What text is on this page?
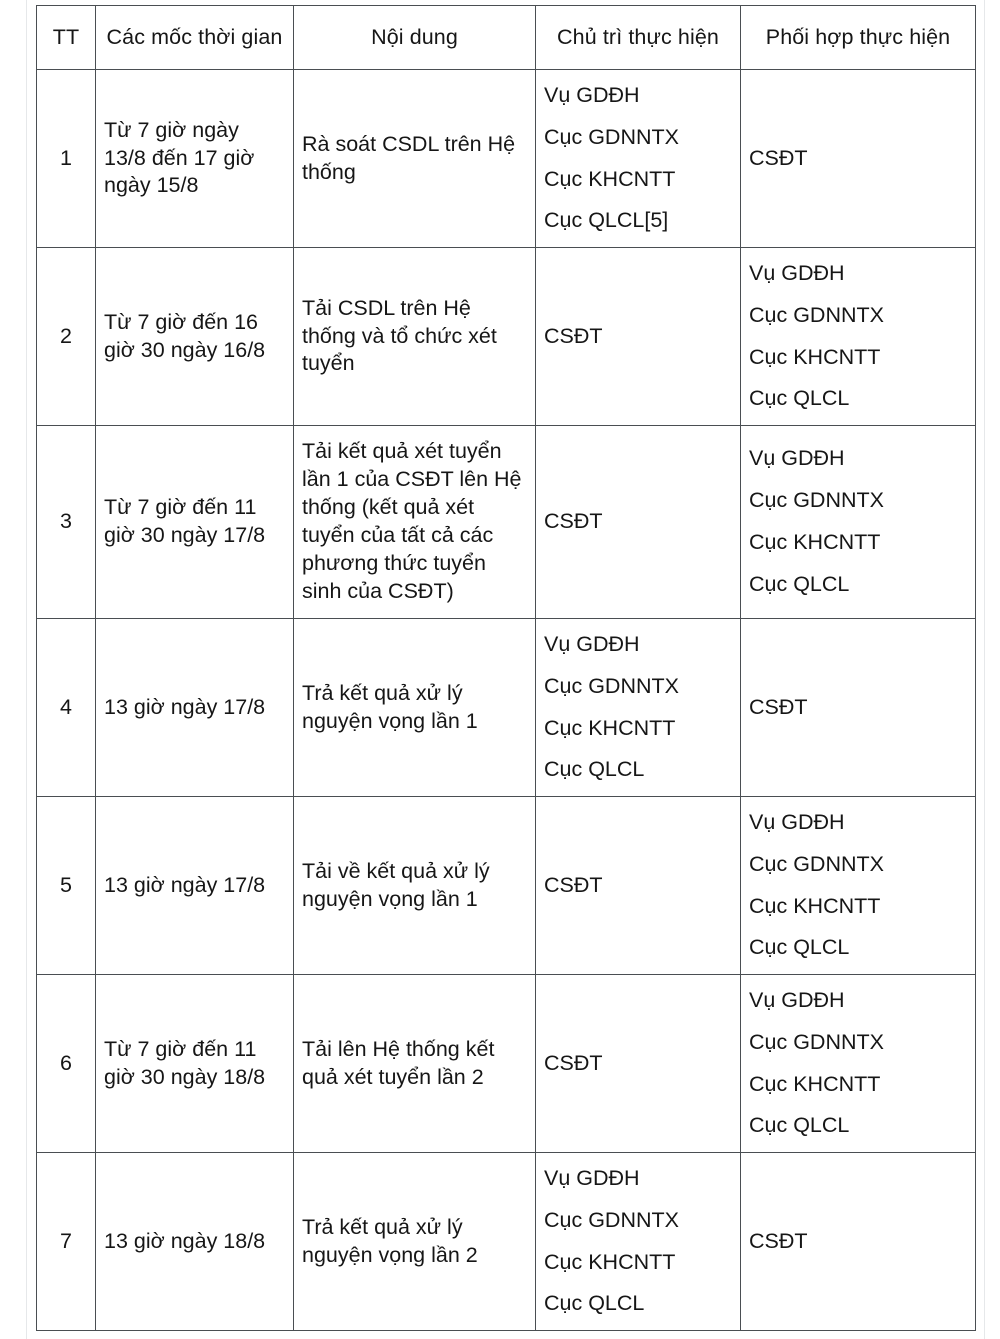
TT	Các mốc thời gian	Nội dung	Chủ trì thực hiện	Phối hợp thực hiện
1	Từ 7 giờ ngày 13/8 đến 17 giờ ngày 15/8	Rà soát CSDL trên Hệ thống	Vụ GDĐH
Cục GDNNTX
Cục KHCNTT
Cục QLCL[5]	CSĐT

2	Từ 7 giờ đến 16 giờ 30 ngày 16/8	Tải CSDL trên Hệ thống và tổ chức xét tuyển	CSĐT	Vụ GDĐH
Cục GDNNTX
Cục KHCNTT
Cục QLCL

3	Từ 7 giờ đến 11 giờ 30 ngày 17/8	Tải kết quả xét tuyển lần 1 của CSĐT lên Hệ thống (kết quả xét tuyển của tất cả các phương thức tuyển sinh của CSĐT)	CSĐT	Vụ GDĐH
Cục GDNNTX
Cục KHCNTT
Cục QLCL

4	13 giờ ngày 17/8	Trả kết quả xử lý nguyện vọng lần 1	Vụ GDĐH
Cục GDNNTX
Cục KHCNTT
Cục QLCL	CSĐT

5	13 giờ ngày 17/8	Tải về kết quả xử lý nguyện vọng lần 1	CSĐT	Vụ GDĐH
Cục GDNNTX
Cục KHCNTT
Cục QLCL

6	Từ 7 giờ đến 11 giờ 30 ngày 18/8	Tải lên Hệ thống kết quả xét tuyển lần 2	CSĐT	Vụ GDĐH
Cục GDNNTX
Cục KHCNTT
Cục QLCL

7	13 giờ ngày 18/8	Trả kết quả xử lý nguyện vọng lần 2	Vụ GDĐH
Cục GDNNTX
Cục KHCNTT
Cục QLCL	CSĐT
